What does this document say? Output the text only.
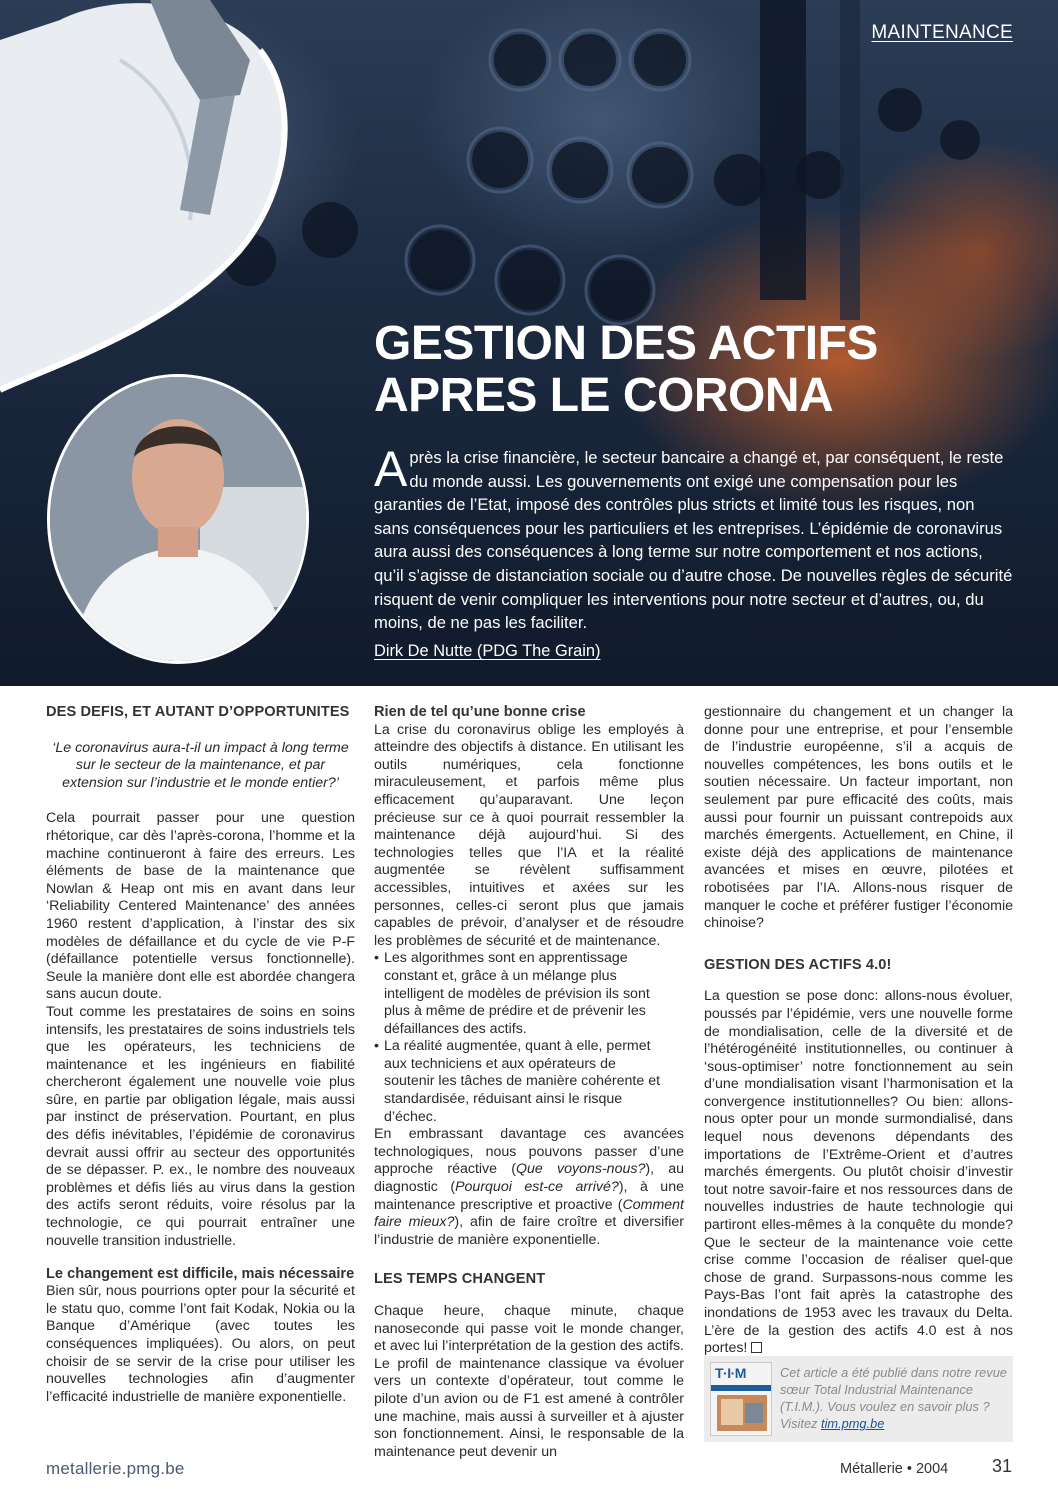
MAINTENANCE
GESTION DES ACTIFS APRES LE CORONA

Après la crise financière, le secteur bancaire a changé et, par conséquent, le reste du monde aussi. Les gouvernements ont exigé une compensation pour les garanties de l’Etat, imposé des contrôles plus stricts et limité tous les risques, non sans conséquences pour les particuliers et les entreprises. L’épidémie de coronavirus aura aussi des conséquences à long terme sur notre comportement et nos actions, qu’il s’agisse de distanciation sociale ou d’autre chose. De nouvelles règles de sécurité risquent de venir compliquer les interventions pour notre secteur et d’autres, ou, du moins, de ne pas les faciliter.

Dirk De Nutte (PDG The Grain)
DES DEFIS, ET AUTANT D’OPPORTUNITES

‘Le coronavirus aura-t-il un impact à long terme sur le secteur de la maintenance, et par extension sur l’industrie et le monde entier?’

Cela pourrait passer pour une question rhétorique, car dès l’après-corona, l’homme et la machine continueront à faire des erreurs. Les éléments de base de la maintenance que Nowlan & Heap ont mis en avant dans leur ‘Reliability Centered Maintenance’ des années 1960 restent d’application, à l’instar des six modèles de défaillance et du cycle de vie P-F (défaillance potentielle versus fonctionnelle). Seule la manière dont elle est abordée changera sans aucun doute.

Tout comme les prestataires de soins en soins intensifs, les prestataires de soins industriels tels que les opérateurs, les techniciens de maintenance et les ingénieurs en fiabilité chercheront également une nouvelle voie plus sûre, en partie par obligation légale, mais aussi par instinct de préservation. Pourtant, en plus des défis inévitables, l’épidémie de coronavirus devrait aussi offrir au secteur des opportunités de se dépasser. P. ex., le nombre des nouveaux problèmes et défis liés au virus dans la gestion des actifs seront réduits, voire résolus par la technologie, ce qui pourrait entraîner une nouvelle transition industrielle.

Le changement est difficile, mais nécessaire

Bien sûr, nous pourrions opter pour la sécurité et le statu quo, comme l’ont fait Kodak, Nokia ou la Banque d’Amérique (avec toutes les conséquences impliquées). Ou alors, on peut choisir de se servir de la crise pour utiliser les nouvelles technologies afin d’augmenter l’efficacité industrielle de manière exponentielle.

Rien de tel qu’une bonne crise

La crise du coronavirus oblige les employés à atteindre des objectifs à distance. En utilisant les outils numériques, cela fonctionne miraculeusement, et parfois même plus efficacement qu’auparavant. Une leçon précieuse sur ce à quoi pourrait ressembler la maintenance déjà aujourd’hui. Si des technologies telles que l’IA et la réalité augmentée se révèlent suffisamment accessibles, intuitives et axées sur les personnes, celles-ci seront plus que jamais capables de prévoir, d’analyser et de résoudre les problèmes de sécurité et de maintenance.

• Les algorithmes sont en apprentissage constant et, grâce à un mélange plus intelligent de modèles de prévision ils sont plus à même de prédire et de prévenir les défaillances des actifs.
• La réalité augmentée, quant à elle, permet aux techniciens et aux opérateurs de soutenir les tâches de manière cohérente et standardisée, réduisant ainsi le risque d’échec.

En embrassant davantage ces avancées technologiques, nous pouvons passer d’une approche réactive (Que voyons-nous?), au diagnostic (Pourquoi est-ce arrivé?), à une maintenance prescriptive et proactive (Comment faire mieux?), afin de faire croître et diversifier l’industrie de manière exponentielle.

LES TEMPS CHANGENT

Chaque heure, chaque minute, chaque nanoseconde qui passe voit le monde changer, et avec lui l’interprétation de la gestion des actifs. Le profil de maintenance classique va évoluer vers un contexte d’opérateur, tout comme le pilote d’un avion ou de F1 est amené à contrôler une machine, mais aussi à surveiller et à ajuster son fonctionnement. Ainsi, le responsable de la maintenance peut devenir un

gestionnaire du changement et un changer la donne pour une entreprise, et pour l’ensemble de l’industrie européenne, s’il a acquis de nouvelles compétences, les bons outils et le soutien nécessaire. Un facteur important, non seulement par pure efficacité des coûts, mais aussi pour fournir un puissant contrepoids aux marchés émergents. Actuellement, en Chine, il existe déjà des applications de maintenance avancées et mises en œuvre, pilotées et robotisées par l’IA. Allons-nous risquer de manquer le coche et préférer fustiger l’économie chinoise?

GESTION DES ACTIFS 4.0!

La question se pose donc: allons-nous évoluer, poussés par l’épidémie, vers une nouvelle forme de mondialisation, celle de la diversité et de l’hétérogénéité institutionnelles, ou continuer à ‘sous-optimiser’ notre fonctionnement au sein d’une mondialisation visant l’harmonisation et la convergence institutionnelles? Ou bien: allons-nous opter pour un monde surmondialisé, dans lequel nous devenons dépendants des importations de l’Extrême-Orient et d’autres marchés émergents. Ou plutôt choisir d’investir tout notre savoir-faire et nos ressources dans de nouvelles industries de haute technologie qui partiront elles-mêmes à la conquête du monde? Que le secteur de la maintenance voie cette crise comme l’occasion de réaliser quel-que chose de grand. Surpassons-nous comme les Pays-Bas l’ont fait après la catastrophe des inondations de 1953 avec les travaux du Delta. L’ère de la gestion des actifs 4.0 est à nos portes!

T·I·M	Cet article a été publié dans notre revue sœur Total Industrial Maintenance (T.I.M.). Vous voulez en savoir plus ? Visitez tim.pmg.be
metallerie.pmg.be	Métallerie • 2004 31
